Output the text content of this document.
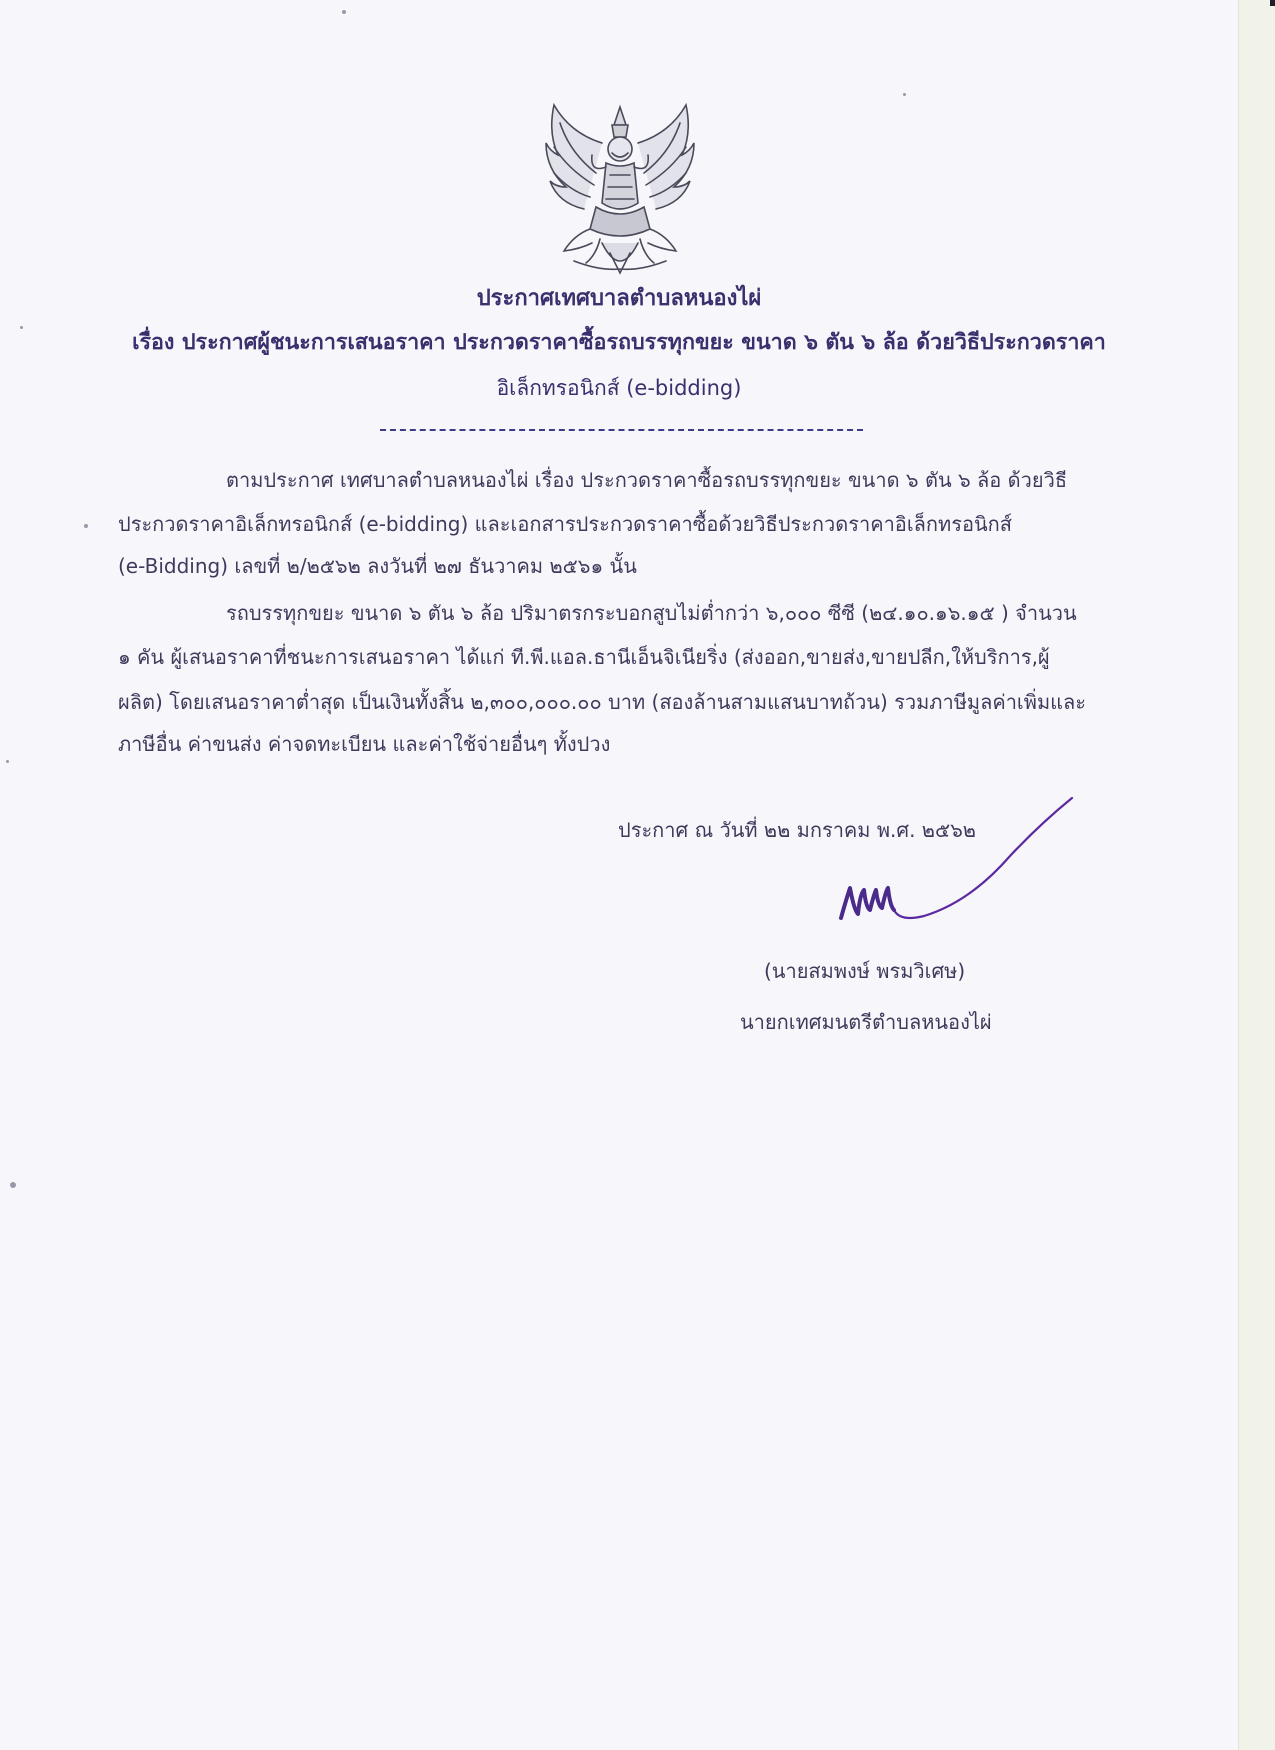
ประกาศเทศบาลตำบลหนองไผ่
เรื่อง ประกาศผู้ชนะการเสนอราคา ประกวดราคาซื้อรถบรรทุกขยะ ขนาด ๖ ตัน ๖ ล้อ ด้วยวิธีประกวดราคา
อิเล็กทรอนิกส์ (e-bidding)
ตามประกาศ เทศบาลตำบลหนองไผ่ เรื่อง ประกวดราคาซื้อรถบรรทุกขยะ ขนาด ๖ ตัน ๖ ล้อ ด้วยวิธี
ประกวดราคาอิเล็กทรอนิกส์ (e-bidding) และเอกสารประกวดราคาซื้อด้วยวิธีประกวดราคาอิเล็กทรอนิกส์
(e-Bidding) เลขที่ ๒/๒๕๖๒ ลงวันที่ ๒๗ ธันวาคม ๒๕๖๑ นั้น
รถบรรทุกขยะ ขนาด ๖ ตัน ๖ ล้อ ปริมาตรกระบอกสูบไม่ต่ำกว่า ๖,๐๐๐ ซีซี (๒๔.๑๐.๑๖.๑๕ ) จำนวน
๑ คัน ผู้เสนอราคาที่ชนะการเสนอราคา ได้แก่ ที.พี.แอล.ธานีเอ็นจิเนียริ่ง (ส่งออก,ขายส่ง,ขายปลีก,ให้บริการ,ผู้
ผลิต) โดยเสนอราคาต่ำสุด เป็นเงินทั้งสิ้น ๒,๓๐๐,๐๐๐.๐๐ บาท (สองล้านสามแสนบาทถ้วน) รวมภาษีมูลค่าเพิ่มและ
ภาษีอื่น ค่าขนส่ง ค่าจดทะเบียน และค่าใช้จ่ายอื่นๆ ทั้งปวง
ประกาศ ณ วันที่ ๒๒ มกราคม พ.ศ. ๒๕๖๒
(นายสมพงษ์ พรมวิเศษ)
นายกเทศมนตรีตำบลหนองไผ่
